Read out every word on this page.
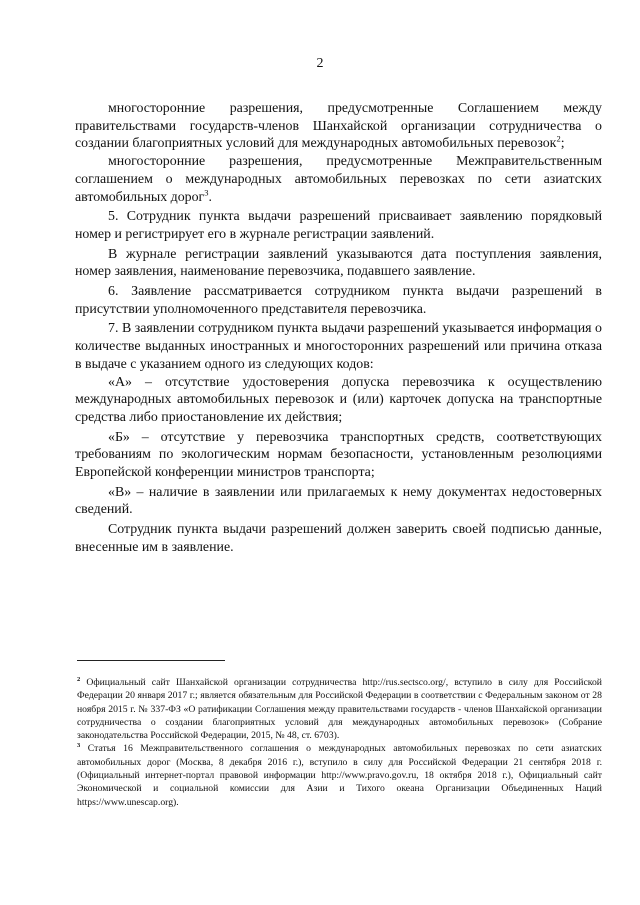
2

многосторонние разрешения, предусмотренные Соглашением между правительствами государств-членов Шанхайской организации сотрудничества о создании благоприятных условий для международных автомобильных перевозок$^2$;

многосторонние разрешения, предусмотренные Межправительственным соглашением о международных автомобильных перевозках по сети азиатских автомобильных дорог$^3$.

5. Сотрудник пункта выдачи разрешений присваивает заявлению порядковый номер и регистрирует его в журнале регистрации заявлений.

В журнале регистрации заявлений указываются дата поступления заявления, номер заявления, наименование перевозчика, подавшего заявление.

6. Заявление рассматривается сотрудником пункта выдачи разрешений в присутствии уполномоченного представителя перевозчика.

7. В заявлении сотрудником пункта выдачи разрешений указывается информация о количестве выданных иностранных и многосторонних разрешений или причина отказа в выдаче с указанием одного из следующих кодов:

«А» – отсутствие удостоверения допуска перевозчика к осуществлению международных автомобильных перевозок и (или) карточек допуска на транспортные средства либо приостановление их действия;

«Б» – отсутствие у перевозчика транспортных средств, соответствующих требованиям по экологическим нормам безопасности, установленным резолюциями Европейской конференции министров транспорта;

«В» – наличие в заявлении или прилагаемых к нему документах недостоверных сведений.

Сотрудник пункта выдачи разрешений должен заверить своей подписью данные, внесенные им в заявление.

$^2$ Официальный сайт Шанхайской организации сотрудничества http://rus.sectsco.org/, вступило в силу для Российской Федерации 20 января 2017 г.; является обязательным для Российской Федерации в соответствии с Федеральным законом от 28 ноября 2015 г. № 337-ФЗ «О ратификации Соглашения между правительствами государств - членов Шанхайской организации сотрудничества о создании благоприятных условий для международных автомобильных перевозок» (Собрание законодательства Российской Федерации, 2015, № 48, ст. 6703).

$^3$ Статья 16 Межправительственного соглашения о международных автомобильных перевозках по сети азиатских автомобильных дорог (Москва, 8 декабря 2016 г.), вступило в силу для Российской Федерации 21 сентября 2018 г. (Официальный интернет-портал правовой информации http://www.pravo.gov.ru, 18 октября 2018 г.), Официальный сайт Экономической и социальной комиссии для Азии и Тихого океана Организации Объединенных Наций https://www.unescap.org).
